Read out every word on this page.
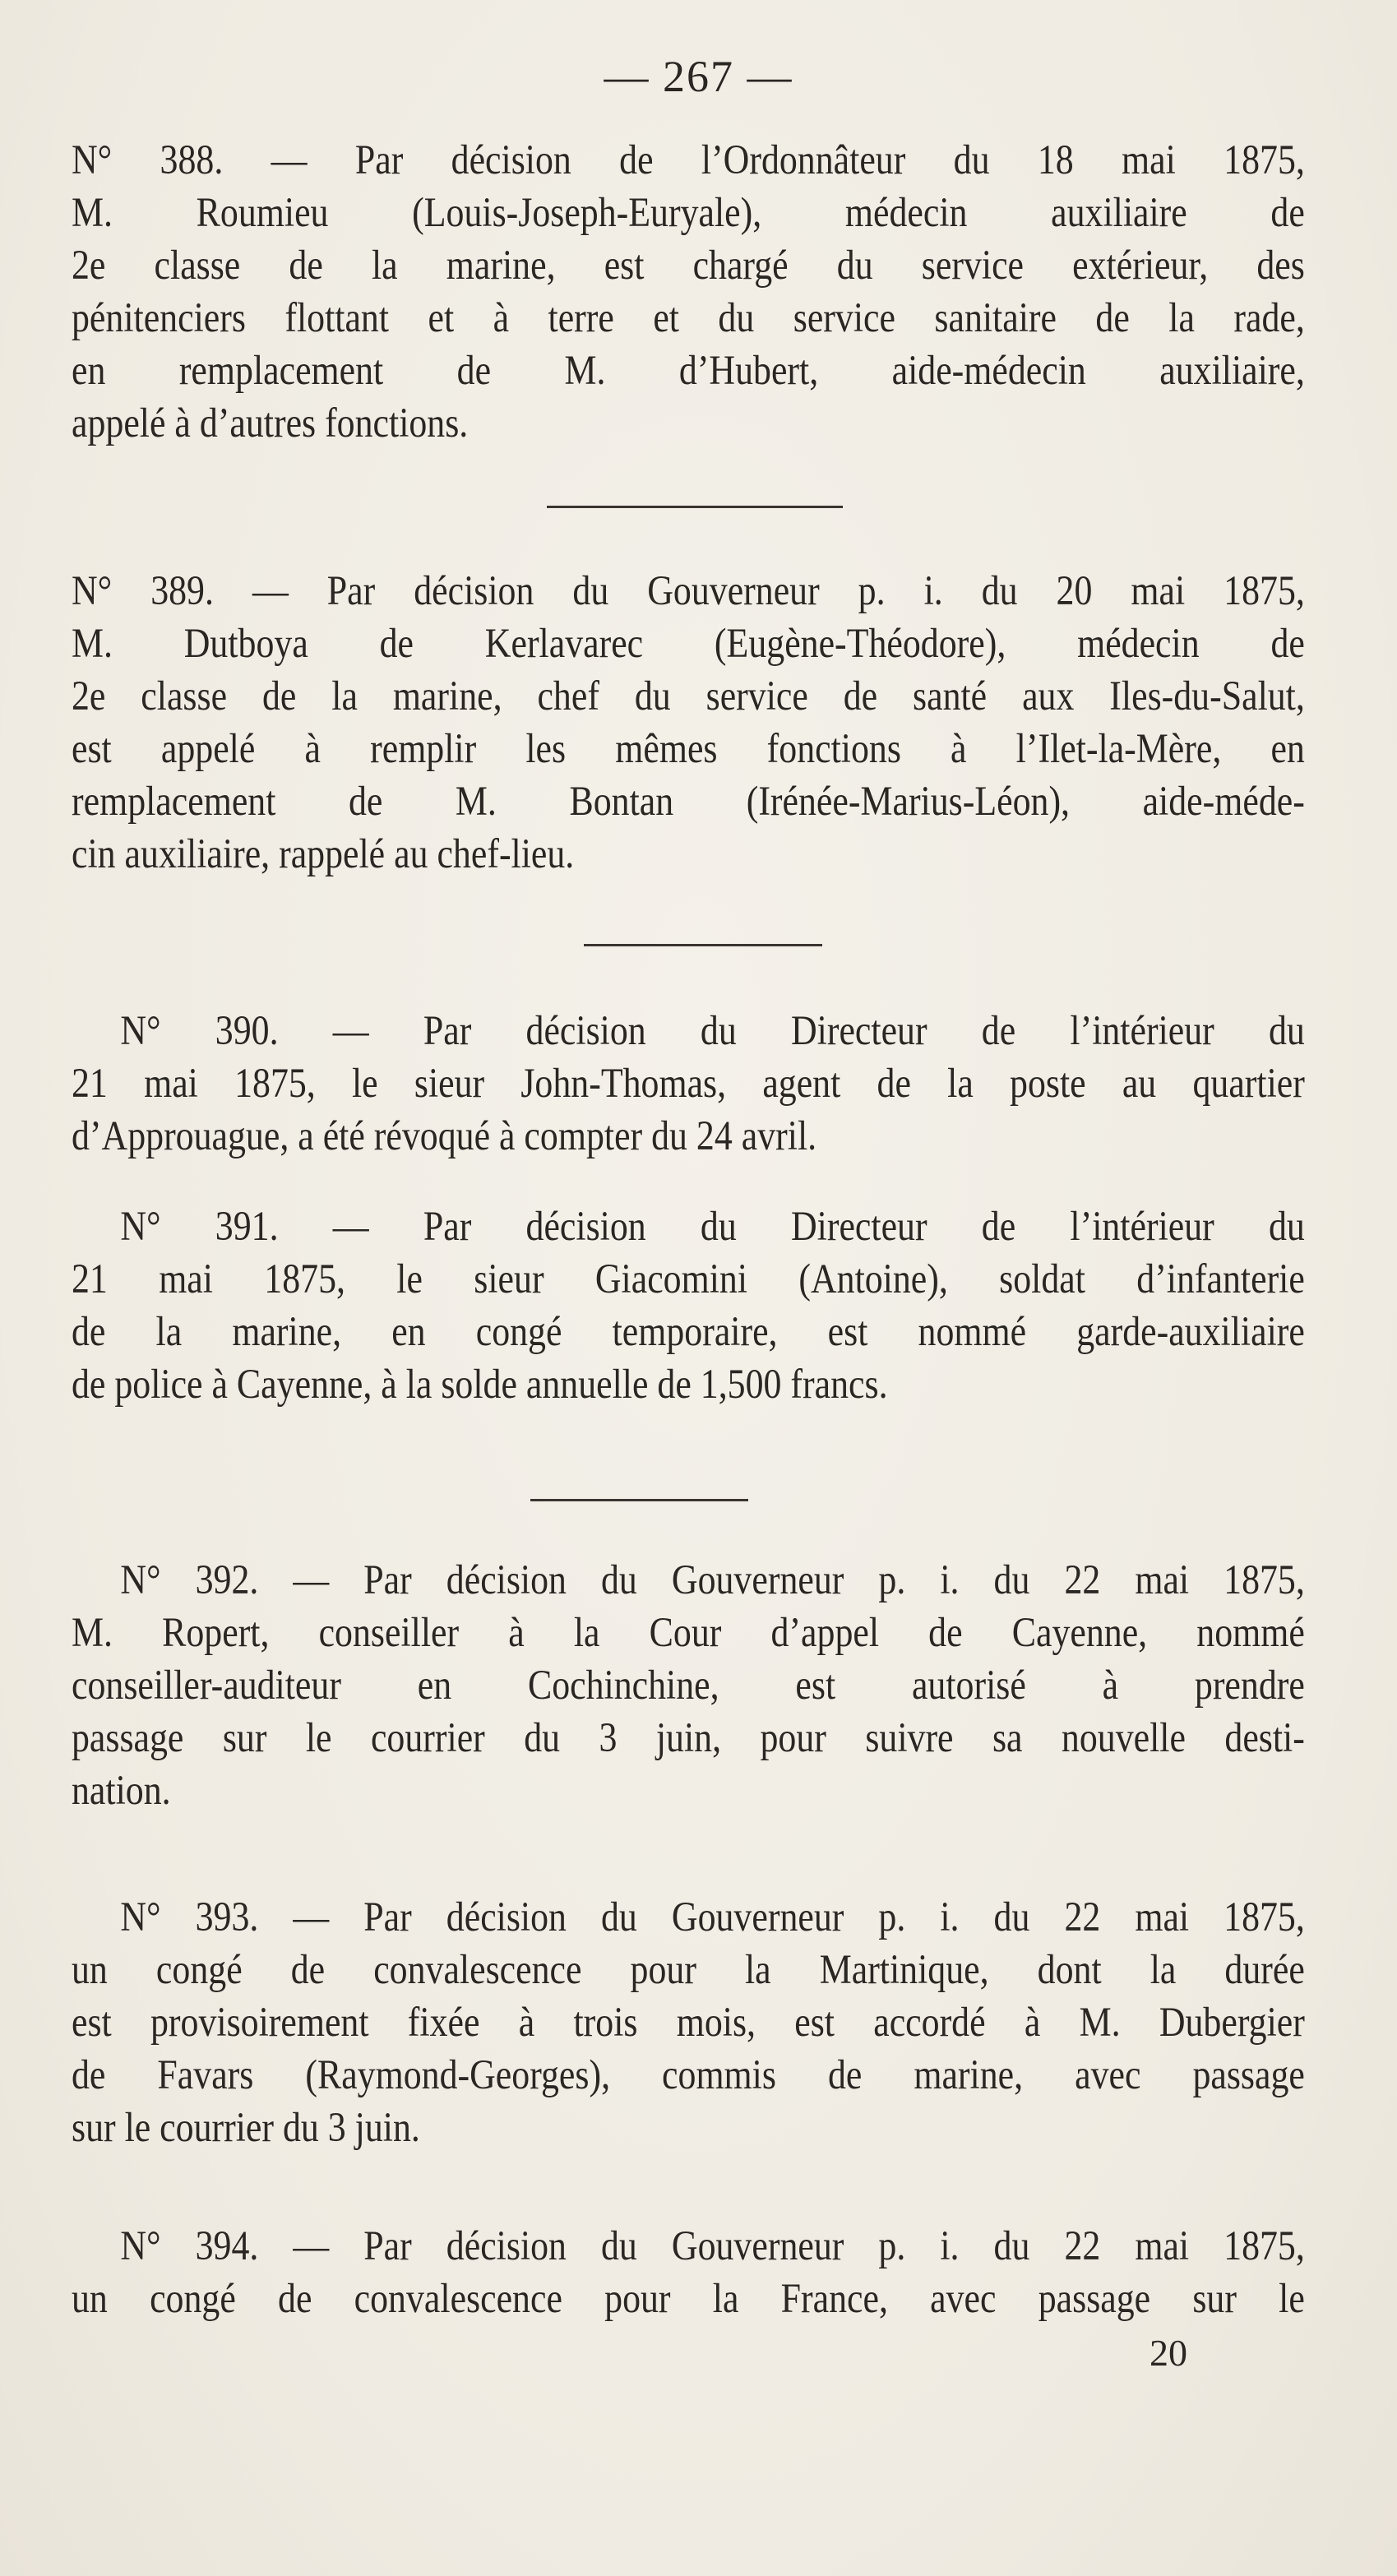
— 267 —
N° 388. — Par décision de l’Ordonnâteur du 18 mai 1875,
M. Roumieu (Louis-Joseph-Euryale), médecin auxiliaire de
2e classe de la marine, est chargé du service extérieur, des
pénitenciers flottant et à terre et du service sanitaire de la rade,
en remplacement de M. d’Hubert, aide-médecin auxiliaire,
appelé à d’autres fonctions.
N° 389. — Par décision du Gouverneur p. i. du 20 mai 1875,
M. Dutboya de Kerlavarec (Eugène-Théodore), médecin de
2e classe de la marine, chef du service de santé aux Iles-du-Salut,
est appelé à remplir les mêmes fonctions à l’Ilet-la-Mère, en
remplacement de M. Bontan (Irénée-Marius-Léon), aide-méde-
cin auxiliaire, rappelé au chef-lieu.
N° 390. — Par décision du Directeur de l’intérieur du
21 mai 1875, le sieur John-Thomas, agent de la poste au quartier
d’Approuague, a été révoqué à compter du 24 avril.
N° 391. — Par décision du Directeur de l’intérieur du
21 mai 1875, le sieur Giacomini (Antoine), soldat d’infanterie
de la marine, en congé temporaire, est nommé garde-auxiliaire
de police à Cayenne, à la solde annuelle de 1,500 francs.
N° 392. — Par décision du Gouverneur p. i. du 22 mai 1875,
M. Ropert, conseiller à la Cour d’appel de Cayenne, nommé
conseiller-auditeur en Cochinchine, est autorisé à prendre
passage sur le courrier du 3 juin, pour suivre sa nouvelle desti-
nation.
N° 393. — Par décision du Gouverneur p. i. du 22 mai 1875,
un congé de convalescence pour la Martinique, dont la durée
est provisoirement fixée à trois mois, est accordé à M. Dubergier
de Favars (Raymond-Georges), commis de marine, avec passage
sur le courrier du 3 juin.
N° 394. — Par décision du Gouverneur p. i. du 22 mai 1875,
un congé de convalescence pour la France, avec passage sur le
20
